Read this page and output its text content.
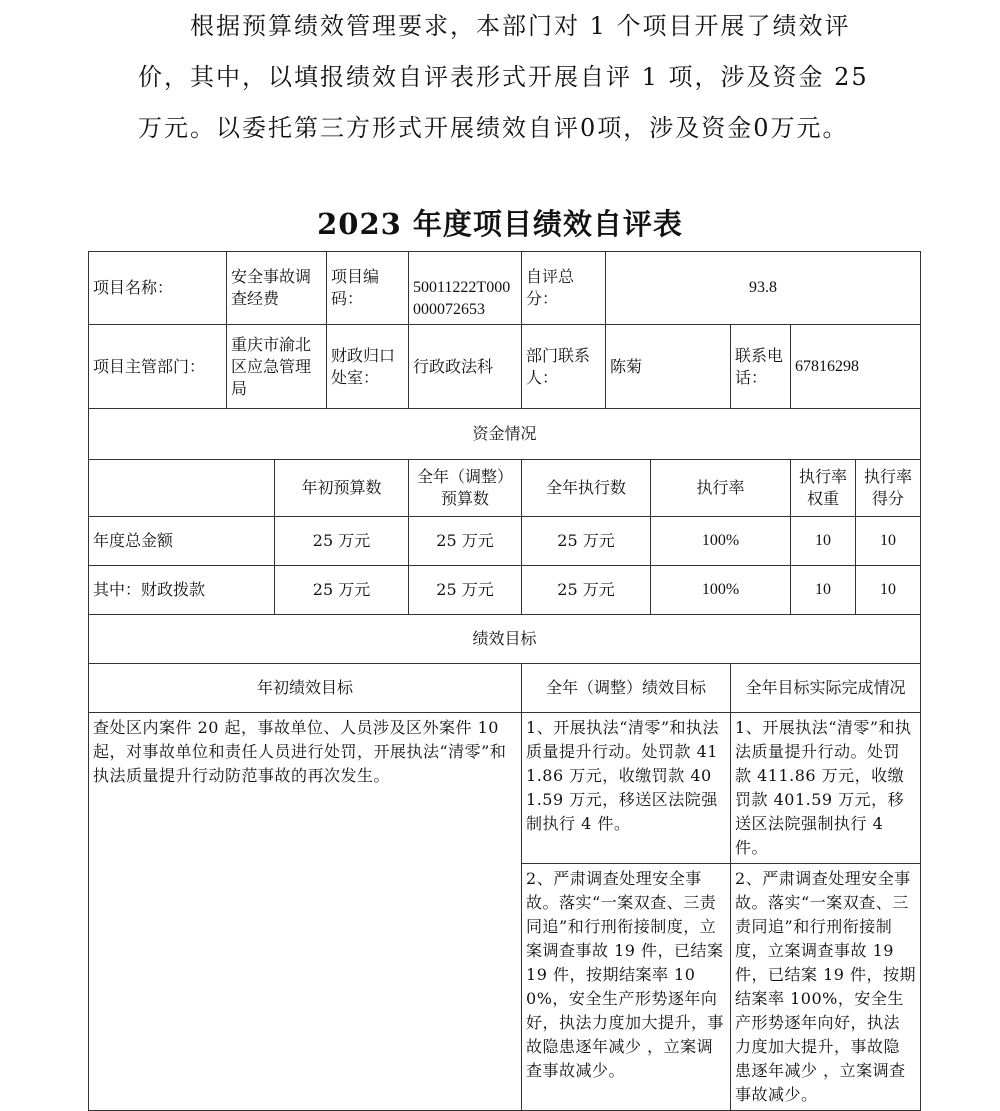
根据预算绩效管理要求，本部门对 1 个项目开展了绩效评
价，其中，以填报绩效自评表形式开展自评 1 项，涉及资金 25
万元。以委托第三方形式开展绩效自评0项，涉及资金0万元。
2023 年度项目绩效自评表
项目名称：	安全事故调查经费		项目编码：	50011222T000000072653	自评总分：	93.8				
项目主管部门：	重庆市渝北区应急管理局		财政归口处室：	行政政法科	部门联系人：	陈菊		联系电话：	67816298	
资金情况										
		年初预算数		全年（调整）预算数	全年执行数		执行率		执行率权重	执行率得分
年度总金额		25 万元		25 万元	25 万元		100%		10	10
其中：财政拨款		25 万元		25 万元	25 万元		100%		10	10
绩效目标										
年初绩效目标					全年（调整）绩效目标			全年目标实际完成情况		
查处区内案件 20 起，事故单位、人员涉及区外案件 10 起，对事故单位和责任人员进行处罚，开展执法“清零”和执法质量提升行动防范事故的再次发生。					1、开展执法“清零”和执法质量提升行动。处罚款 411.86 万元，收缴罚款 401.59 万元，移送区法院强制执行 4 件。			1、开展执法“清零”和执法质量提升行动。处罚款 411.86 万元，收缴罚款 401.59 万元，移送区法院强制执行 4 件。		
					2、严肃调查处理安全事故。落实“一案双查、三责同追”和行刑衔接制度，立案调查事故 19 件，已结案 19 件，按期结案率 100%，安全生产形势逐年向好，执法力度加大提升，事故隐患逐年减少 ，立案调查事故减少。			2、严肃调查处理安全事故。落实“一案双查、三责同追”和行刑衔接制度，立案调查事故 19 件，已结案 19 件，按期结案率 100%，安全生产形势逐年向好，执法力度加大提升，事故隐患逐年减少 ，立案调查事故减少。		
